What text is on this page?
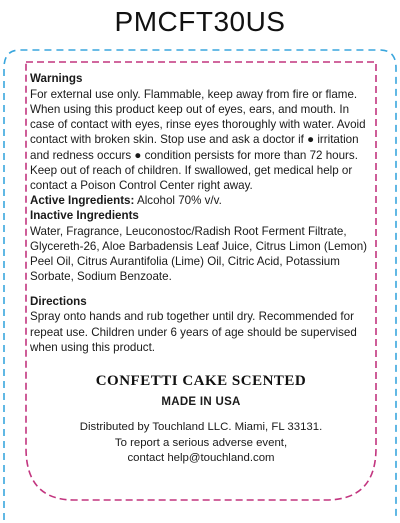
PMCFT30US
Warnings

For external use only. Flammable, keep away from fire or flame. When using this product keep out of eyes, ears, and mouth. In case of contact with eyes, rinse eyes thoroughly with water. Avoid contact with broken skin. Stop use and ask a doctor if ● irritation and redness occurs ● condition persists for more than 72 hours. Keep out of reach of children. If swallowed, get medical help or contact a Poison Control Center right away.

Active Ingredients: Alcohol 70% v/v.

Inactive Ingredients

Water, Fragrance, Leuconostoc/Radish Root Ferment Filtrate, Glycereth-26, Aloe Barbadensis Leaf Juice, Citrus Limon (Lemon) Peel Oil, Citrus Aurantifolia (Lime) Oil, Citric Acid, Potassium Sorbate, Sodium Benzoate.

Directions

Spray onto hands and rub together until dry. Recommended for repeat use. Children under 6 years of age should be supervised when using this product.

CONFETTI CAKE SCENTED
MADE IN USA
Distributed by Touchland LLC. Miami, FL 33131.
To report a serious adverse event,
contact help@touchland.com
